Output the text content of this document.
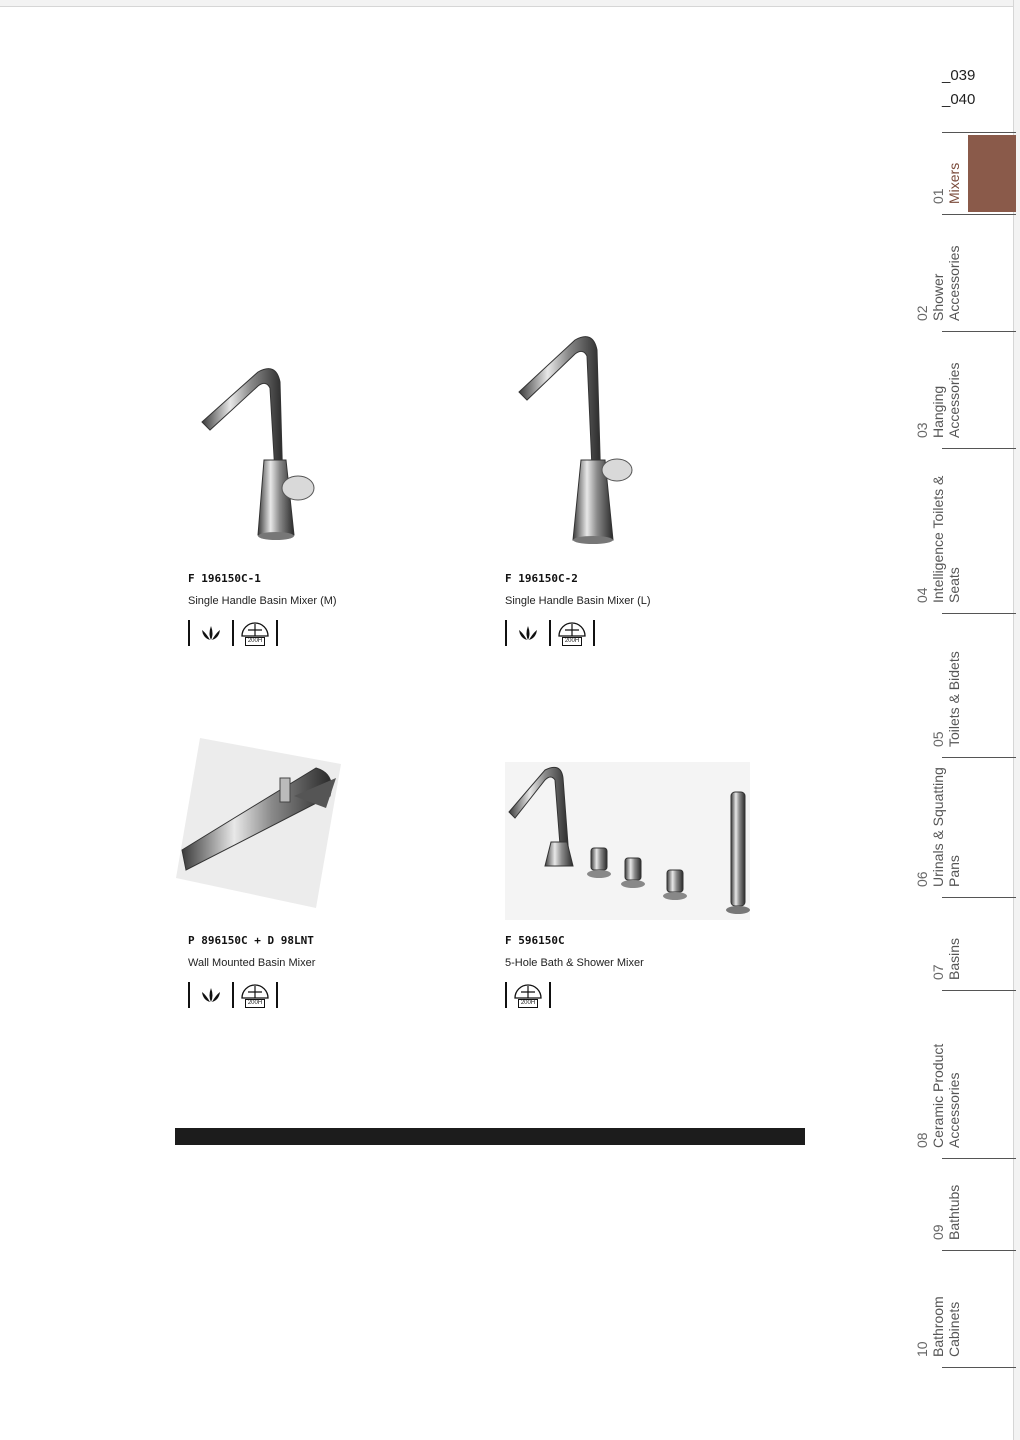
_039
_040
01 Mixers
02 Shower Accessories
03 Hanging Accessories
04 Intelligence Toilets & Seats
05 Toilets & Bidets
06 Urinals & Squatting Pans
07 Basins
08 Ceramic Product Accessories
09 Bathtubs
10 Bathroom Cabinets
F 196150C-1
Single Handle Basin Mixer (M)
200H
F 196150C-2
Single Handle Basin Mixer (L)
200H
P 896150C + D 98LNT
Wall Mounted Basin Mixer
200H
F 596150C
5-Hole Bath & Shower Mixer
200H
